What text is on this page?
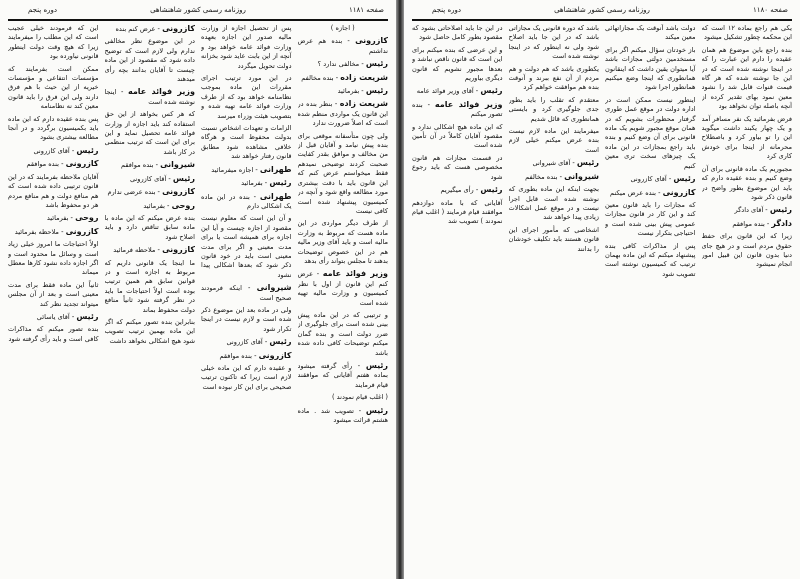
صفحه ۱۱۸۱
روزنامه رسمی کشور شاهنشاهی
دوره پنجم

( اجازه )

کازرونی - بنده هم عرض نداشتم

رئیس - مخالفی ندارد ؟

شریعت زاده - بنده مخالفم

رئیس - بفرمائید

شریعت زاده - بنظر بنده در این قانون یک مواردی منظم شده است که اصلاً ضرورت ندارد

ولی چون متأسفانه موقعی برای بنده پیش نیامد و آقایان قبل از من مخالف و موافق بقدر کفایت صحبت کردند توضیحی نمیدهم فقط میخواستم عرض کنم که این قانون باید با دقت بیشتری مورد مطالعه واقع شود و آنچه در کمیسیون پیشنهاد شده است کافی نیست

از طرف دیگر مواردی در این ماده هست که مربوط به وزارت مالیه است و باید آقای وزیر مالیه هم در این خصوص توضیحات بدهند تا مجلس بتواند رأی بدهد

وزیر فوائد عامه - عرض کنم این قانون از اول با نظر کمیسیون و وزارت مالیه تهیه شده است

و ترتیبی که در این ماده پیش بینی شده است برای جلوگیری از ضرر دولت است و بنده گمان میکنم توضیحات کافی داده شده باشد

رئیس - رأی گرفته میشود بماده هفتم آقایانی که موافقند قیام فرمایند

( اغلب قیام نمودند )

رئیس - تصویب شد . ماده هشتم قرائت میشود

پس از تحصیل اجازه از وزارت مالیه صدور این اجازه بعهده وزارت فوائد عامه خواهد بود و آنچه از این بابت عاید شود بخزانه دولت تحویل میگردد

در این مورد ترتیب اجرای مقررات این ماده بموجب نظامنامه خواهد بود که از طرف وزارت فوائد عامه تهیه شده و بتصویب هیئت وزراء میرسد

الزامات و تعهدات اشخاص نسبت بدولت محفوظ است و هرگاه خلافی مشاهده شود مطابق قانون رفتار خواهد شد

طهرانی - اجازه میفرمائید

رئیس - بفرمائید

طهرانی - بنده در این ماده یک اشکالی دارم

و آن این است که معلوم نیست مقصود از اجازه چیست و آیا این اجازه برای همیشه است یا برای مدت معینی و اگر برای مدت معینی است باید در خود قانون ذکر شود که بعدها اشکالی پیدا نشود

شیروانی - اینکه فرمودند صحیح است

ولی در ماده بعد این موضوع ذکر شده است و لازم نیست در اینجا تکرار شود

رئیس - آقای کازرونی

کازرونی - بنده موافقم

و عقیده دارم که این ماده خیلی لازم است زیرا که تاکنون ترتیب صحیحی برای این کار نبوده است

کازرونی - عرض کنم بنده

در این موضوع نظر مخالفی ندارم ولی لازم است که توضیح داده شود که مقصود از این ماده چیست تا آقایان بدانند بچه رأی میدهند

وزیر فوائد عامه - اینجا نوشته شده است

که هر کس بخواهد از این حق استفاده کند باید اجازه از وزارت فوائد عامه تحصیل نماید و این برای این است که ترتیب منظمی در کار باشد

شیروانی - بنده موافقم

رئیس - آقای کازرونی

کازرونی - بنده عرضی ندارم

روحی - بفرمائید

بنده عرض میکنم که این ماده با ماده سابق تناقض دارد و باید اصلاح شود

کازرونی - ملاحظه فرمائید

ما اینجا یک قانونی داریم که مربوط به اجازه است و در قوانین سابق هم همین ترتیب بوده است اولاً احتیاجات ما باید در نظر گرفته شود ثانیاً منافع دولت محفوظ بماند

بنابراین بنده تصور میکنم که اگر این ماده بهمین ترتیب تصویب شود هیچ اشکالی نخواهد داشت

این که فرمودند خیلی عجیب است که این مطلب را میفرمایند زیرا که هیچ وقت دولت اینطور قانونی نیاورده بود

ممکن است بفرمایند که مؤسسات انتفاعی و مؤسسات خیریه از این حیث با هم فرق دارند ولی این فرق را باید قانون معین کند نه نظامنامه

پس بنده عقیده دارم که این ماده باید بکمیسیون برگردد و در آنجا مطالعه بیشتری بشود

رئیس - آقای کازرونی

کازرونی - بنده موافقم

آقایان ملاحظه بفرمایند که در این قانون ترتیبی داده شده است که هم منافع دولت و هم منافع مردم هر دو محفوظ باشد

روحی - بفرمائید

کازرونی - ملاحظه بفرمائید

اولاً احتیاجات ما امروز خیلی زیاد است و وسائل ما محدود است و اگر اجازه داده نشود کارها معطل میماند

ثانیاً این ماده فقط برای مدت معینی است و بعد از آن مجلس میتواند تجدید نظر کند

رئیس - آقای یاسائی

بنده تصور میکنم که مذاکرات کافی است و باید رأی گرفته شود

صفحه ۱۱۸۰
روزنامه رسمی کشور شاهنشاهی
دوره پنجم

یکی هم راجع بماده ۱۲ است که این محکمه چطور تشکیل میشود

بنده راجع باین موضوع هم همان عقیده را دارم این عبارت را که در اینجا نوشته شده است که در این جا نوشته شده که هر گاه فیمت قنوات قابل شد را نشود معین نمود بهای تقدیر کرده از آنچه باصله توان نخواهد بود

فرض بفرمائید یک نفر مسافر آمد و یک چهار یکبند داشت میگوید این را تو بیاور کرد و باصطلاح محرمانه از اینجا برای خودش کاری کرد

مجبوریم یک ماده قانونی برای آن وضع کنیم و بنده عقیده دارم که باید این موضوع بطور واضح در قانون ذکر شود

رئیس - آقای دادگر

دادگر - بنده موافقم

زیرا که این قانون برای حفظ حقوق مردم است و در هیچ جای دنیا بدون قانون این قبیل امور انجام نمیشود

دولت باشد آنوقت یک مجازاتهائی معین میکند

باز خودتان سؤال میکنم اگر برای مستخدمین دولتی مجازات باشد آیا میتوان یقین داشت که اینقانون همانطوری که اینجا وضع میکنیم همانطور اجرا شود

اینطور نیست ممکن است در اداره دولت در موقع عمل طوری گرفتار محظورات بشویم که در همان موقع مجبور شویم یک ماده قانونی برای آن وضع کنیم و بنده باید راجع بمجازات در این ماده یک چیزهای سخت تری معین کنیم

رئیس - آقای کازرونی

کازرونی - بنده عرض میکنم

که مجازات را باید قانون معین کند و این کار در قانون مجازات عمومی پیش بینی شده است و احتیاجی بتکرار نیست

پس از مذاکرات کافی بنده پیشنهاد میکنم که این ماده بهمان ترتیب که کمیسیون نوشته است تصویب شود

باشد که دوره قانونی یک مجازاتی باشد که در این جا باید اصلاح شود ولی نه اینطور که در اینجا نوشته شده است

یکطوری باشد که هم دولت و هم مردم از آن نفع ببرند و آنوقت بنده هم موافقت خواهم کرد

معتقدم که تقلب را باید بطور جدی جلوگیری کرد و بایستی همانطوری که قائل شدیم

میفرمایند این ماده لازم نیست بنده عرض میکنم خیلی لازم است

رئیس - آقای شیروانی

شیروانی - بنده مخالفم

بجهت اینکه این ماده بطوری که نوشته شده است قابل اجرا نیست و در موقع عمل اشکالات زیادی پیدا خواهد شد

اشخاصی که مأمور اجرای این قانون هستند باید تکلیف خودشان را بدانند

در این جا باید اصلاحاتی بشود که مقصود بطور کامل حاصل شود

و این عرضی که بنده میکنم برای این است که قانون ناقص نباشد و بعدها مجبور نشویم که قانون دیگری بیاوریم

رئیس - آقای وزیر فوائد عامه

وزیر فوائد عامه - بنده تصور میکنم

که این ماده هیچ اشکالی ندارد و مقصود آقایان کاملاً در آن تأمین شده است

در قسمت مجازات هم قانون مخصوصی هست که باید رجوع شود

رئیس - رأی میگیریم

آقایانی که با ماده دوازدهم موافقند قیام فرمایند ( اغلب قیام نمودند ) تصویب شد
